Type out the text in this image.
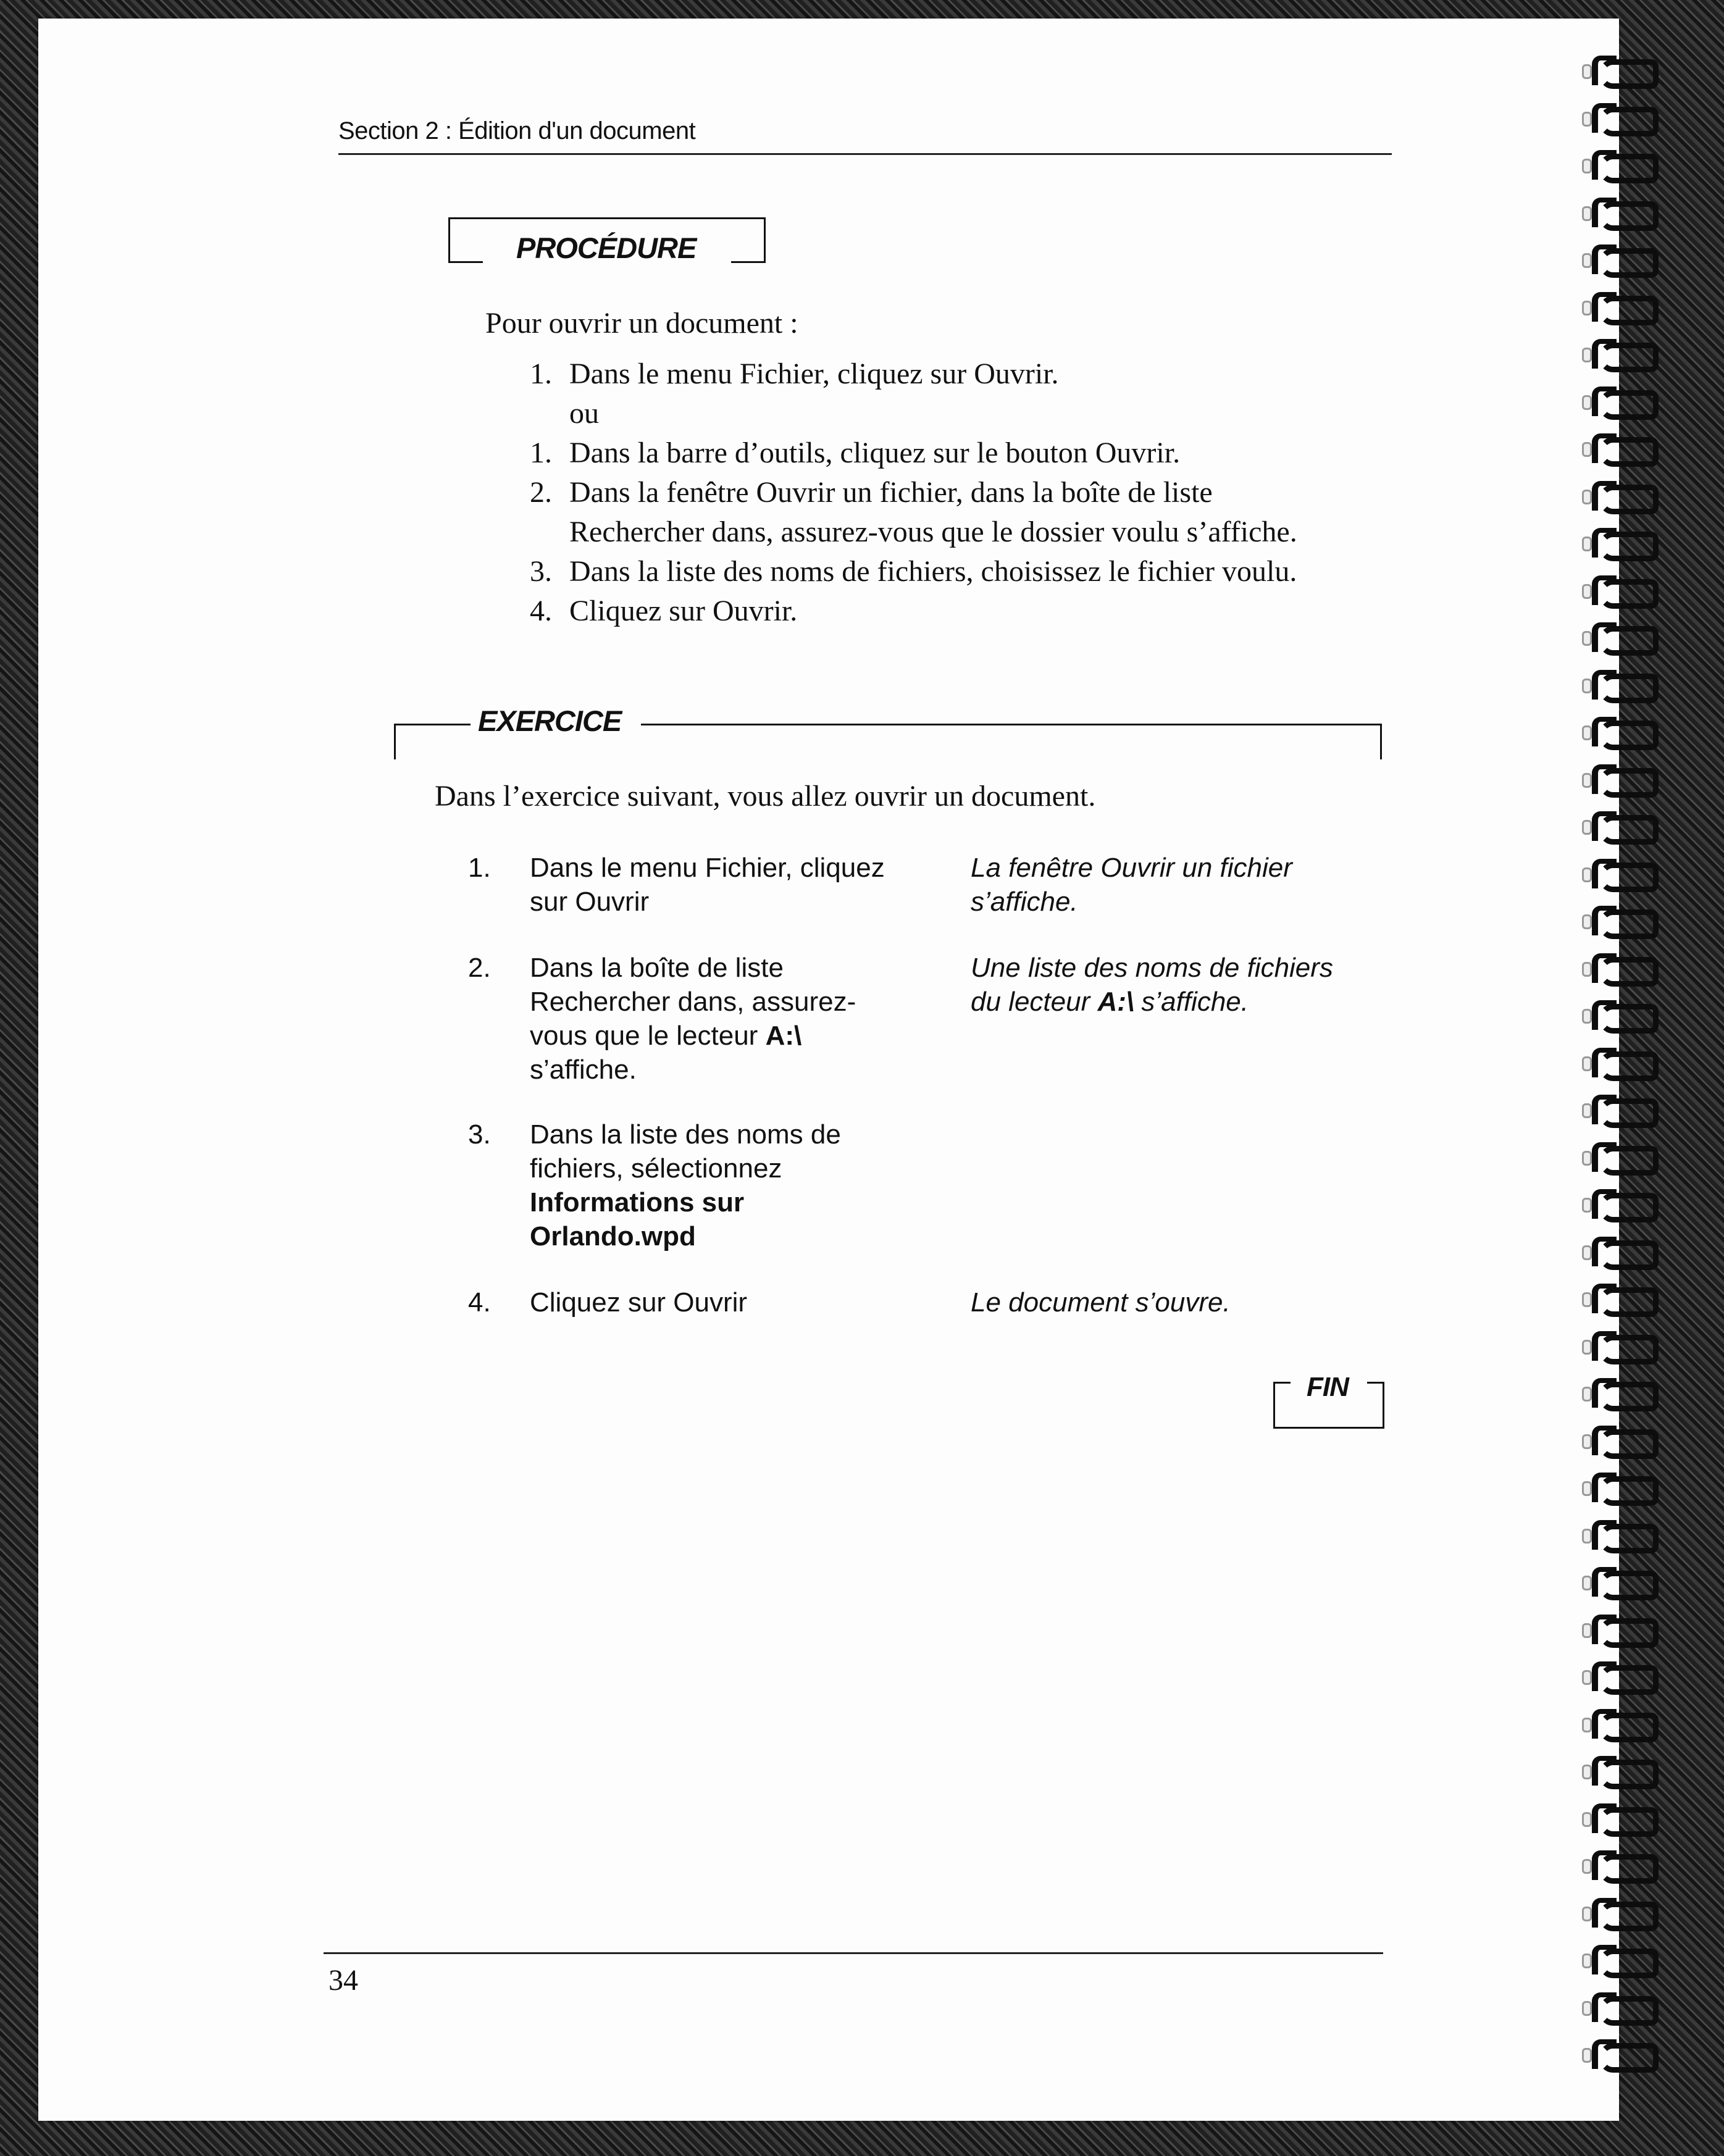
Section 2 : Édition d'un document
PROCÉDURE
Pour ouvrir un document :
1. Dans le menu Fichier, cliquez sur Ouvrir.
ou
1. Dans la barre d’outils, cliquez sur le bouton Ouvrir.
2. Dans la fenêtre Ouvrir un fichier, dans la boîte de liste
Rechercher dans, assurez-vous que le dossier voulu s’affiche.
3. Dans la liste des noms de fichiers, choisissez le fichier voulu.
4. Cliquez sur Ouvrir.
EXERCICE
Dans l’exercice suivant, vous allez ouvrir un document.
1. Dans le menu Fichier, cliquez
sur Ouvrir
La fenêtre Ouvrir un fichier
s’affiche.
2. Dans la boîte de liste
Rechercher dans, assurez-
vous que le lecteur A:\
s’affiche.
Une liste des noms de fichiers
du lecteur A:\ s’affiche.
3. Dans la liste des noms de
fichiers, sélectionnez
Informations sur
Orlando.wpd
4. Cliquez sur Ouvrir	Le document s’ouvre.
FIN
34
